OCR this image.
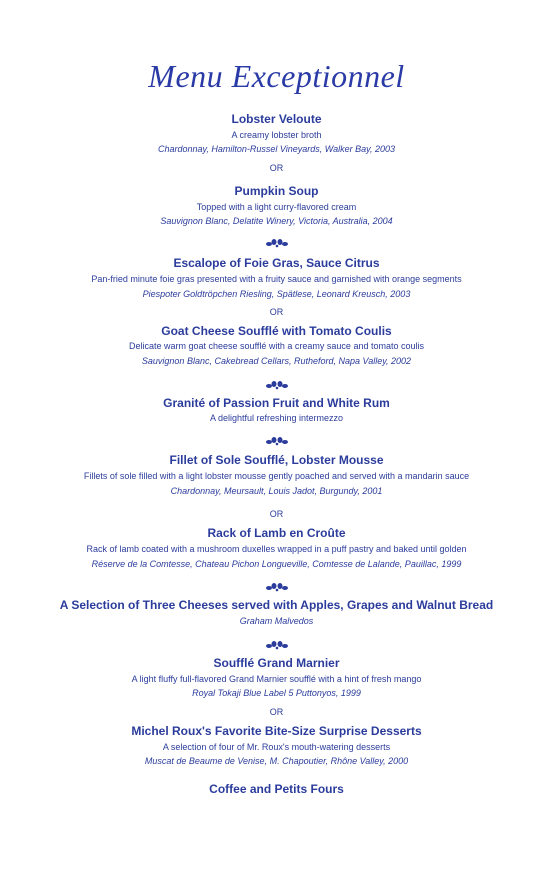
Menu Exceptionnel
Lobster Veloute
A creamy lobster broth
Chardonnay, Hamilton-Russel Vineyards, Walker Bay, 2003
OR
Pumpkin Soup
Topped with a light curry-flavored cream
Sauvignon Blanc, Delatite Winery, Victoria, Australia, 2004
Escalope of Foie Gras, Sauce Citrus
Pan-fried minute foie gras presented with a fruity sauce and garnished with orange segments
Piespoter Goldtröpchen Riesling, Spätlese, Leonard Kreusch, 2003
OR
Goat Cheese Soufflé with Tomato Coulis
Delicate warm goat cheese soufflé with a creamy sauce and tomato coulis
Sauvignon Blanc, Cakebread Cellars, Rutheford, Napa Valley, 2002
Granité of Passion Fruit and White Rum
A delightful refreshing intermezzo
Fillet of Sole Soufflé, Lobster Mousse
Fillets of sole filled with a light lobster mousse gently poached and served with a mandarin sauce
Chardonnay, Meursault, Louis Jadot, Burgundy, 2001
OR
Rack of Lamb en Croûte
Rack of lamb coated with a mushroom duxelles wrapped in a puff pastry and baked until golden
Réserve de la Comtesse, Chateau Pichon Longueville, Comtesse de Lalande, Pauillac, 1999
A Selection of Three Cheeses served with Apples, Grapes and Walnut Bread
Graham Malvedos
Soufflé Grand Marnier
A light fluffy full-flavored Grand Marnier soufflé with a hint of fresh mango
Royal Tokaji Blue Label 5 Puttonyos, 1999
OR
Michel Roux's Favorite Bite-Size Surprise Desserts
A selection of four of Mr. Roux's mouth-watering desserts
Muscat de Beaume de Venise, M. Chapoutier, Rhône Valley, 2000
Coffee and Petits Fours
